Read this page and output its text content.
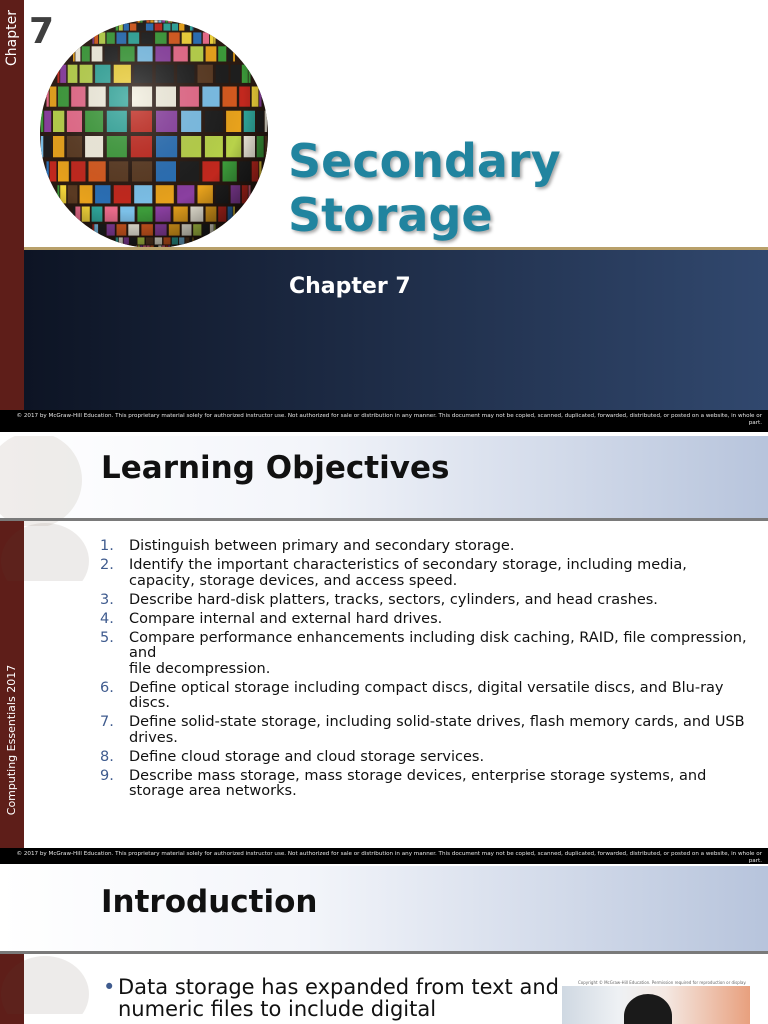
Chapter 7
Secondary
Storage
Chapter 7
© 2017 by McGraw-Hill Education. This proprietary material solely for authorized instructor use. Not authorized for sale or distribution in any manner. This document may not be copied, scanned, duplicated, forwarded, distributed, or posted on a website, in whole or part.
Learning Objectives
Computing Essentials 2017
1. Distinguish between primary and secondary storage.
2. Identify the important characteristics of secondary storage, including media, capacity, storage devices, and access speed.
3. Describe hard-disk platters, tracks, sectors, cylinders, and head crashes.
4. Compare internal and external hard drives.
5. Compare performance enhancements including disk caching, RAID, file compression, and
file decompression.
6. Define optical storage including compact discs, digital versatile discs, and Blu-ray discs.
7. Define solid-state storage, including solid-state drives, flash memory cards, and USB drives.
8. Define cloud storage and cloud storage services.
9. Describe mass storage, mass storage devices, enterprise storage systems, and storage area networks.
© 2017 by McGraw-Hill Education. This proprietary material solely for authorized instructor use. Not authorized for sale or distribution in any manner. This document may not be copied, scanned, duplicated, forwarded, distributed, or posted on a website, in whole or part.
Introduction
• Data storage has expanded from text and numeric files to include digital
Copyright © McGraw-Hill Education. Permission required for reproduction or display.
